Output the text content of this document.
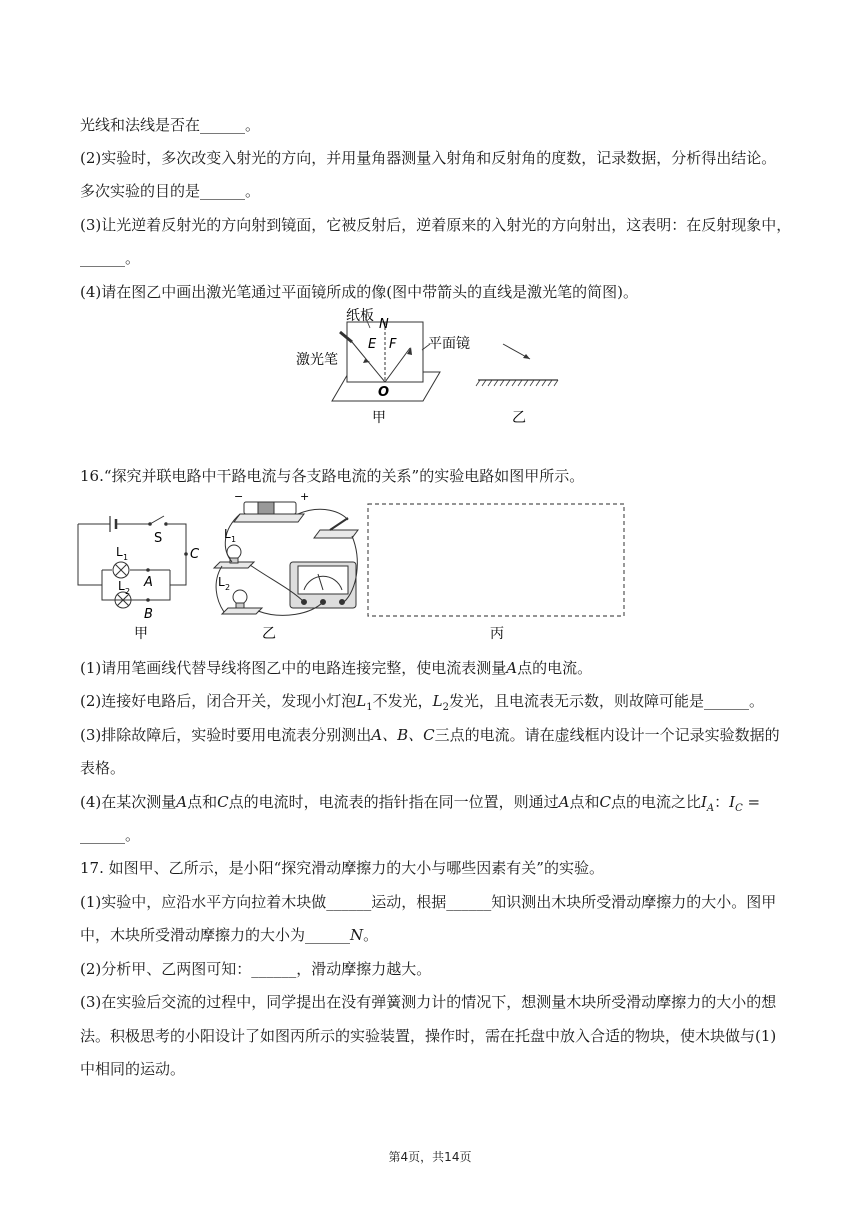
光线和法线是否在______。
(2)实验时，多次改变入射光的方向，并用量角器测量入射角和反射角的度数，记录数据，分析得出结论。
多次实验的目的是______。
(3)让光逆着反射光的方向射到镜面，它被反射后，逆着原来的入射光的方向射出，这表明：在反射现象中，
______。
(4)请在图乙中画出激光笔通过平面镜所成的像(图中带箭头的直线是激光笔的简图)。
纸板
N
E F 平面镜
激光笔
O
甲	乙
16.“探究并联电路中干路电流与各支路电流的关系”的实验电路如图甲所示。
S
C
A
B
L 1
L 2
甲
−	+
L 1
L 2
乙	丙
(1)请用笔画线代替导线将图乙中的电路连接完整，使电流表测量A点的电流。
(2)连接好电路后，闭合开关，发现小灯泡$L_1$不发光，$L_2$发光，且电流表无示数，则故障可能是______。
(3)排除故障后，实验时要用电流表分别测出A、B、C三点的电流。请在虚线框内设计一个记录实验数据的
表格。
(4)在某次测量A点和C点的电流时，电流表的指针指在同一位置，则通过A点和C点的电流之比$I_A$：$I_C$ =
______。
17. 如图甲、乙所示，是小阳“探究滑动摩擦力的大小与哪些因素有关”的实验。
(1)实验中，应沿水平方向拉着木块做______运动，根据______知识测出木块所受滑动摩擦力的大小。图甲
中，木块所受滑动摩擦力的大小为______N。
(2)分析甲、乙两图可知：______，滑动摩擦力越大。
(3)在实验后交流的过程中，同学提出在没有弹簧测力计的情况下，想测量木块所受滑动摩擦力的大小的想
法。积极思考的小阳设计了如图丙所示的实验装置，操作时，需在托盘中放入合适的物块，使木块做与(1)
中相同的运动。
第4页，共14页
